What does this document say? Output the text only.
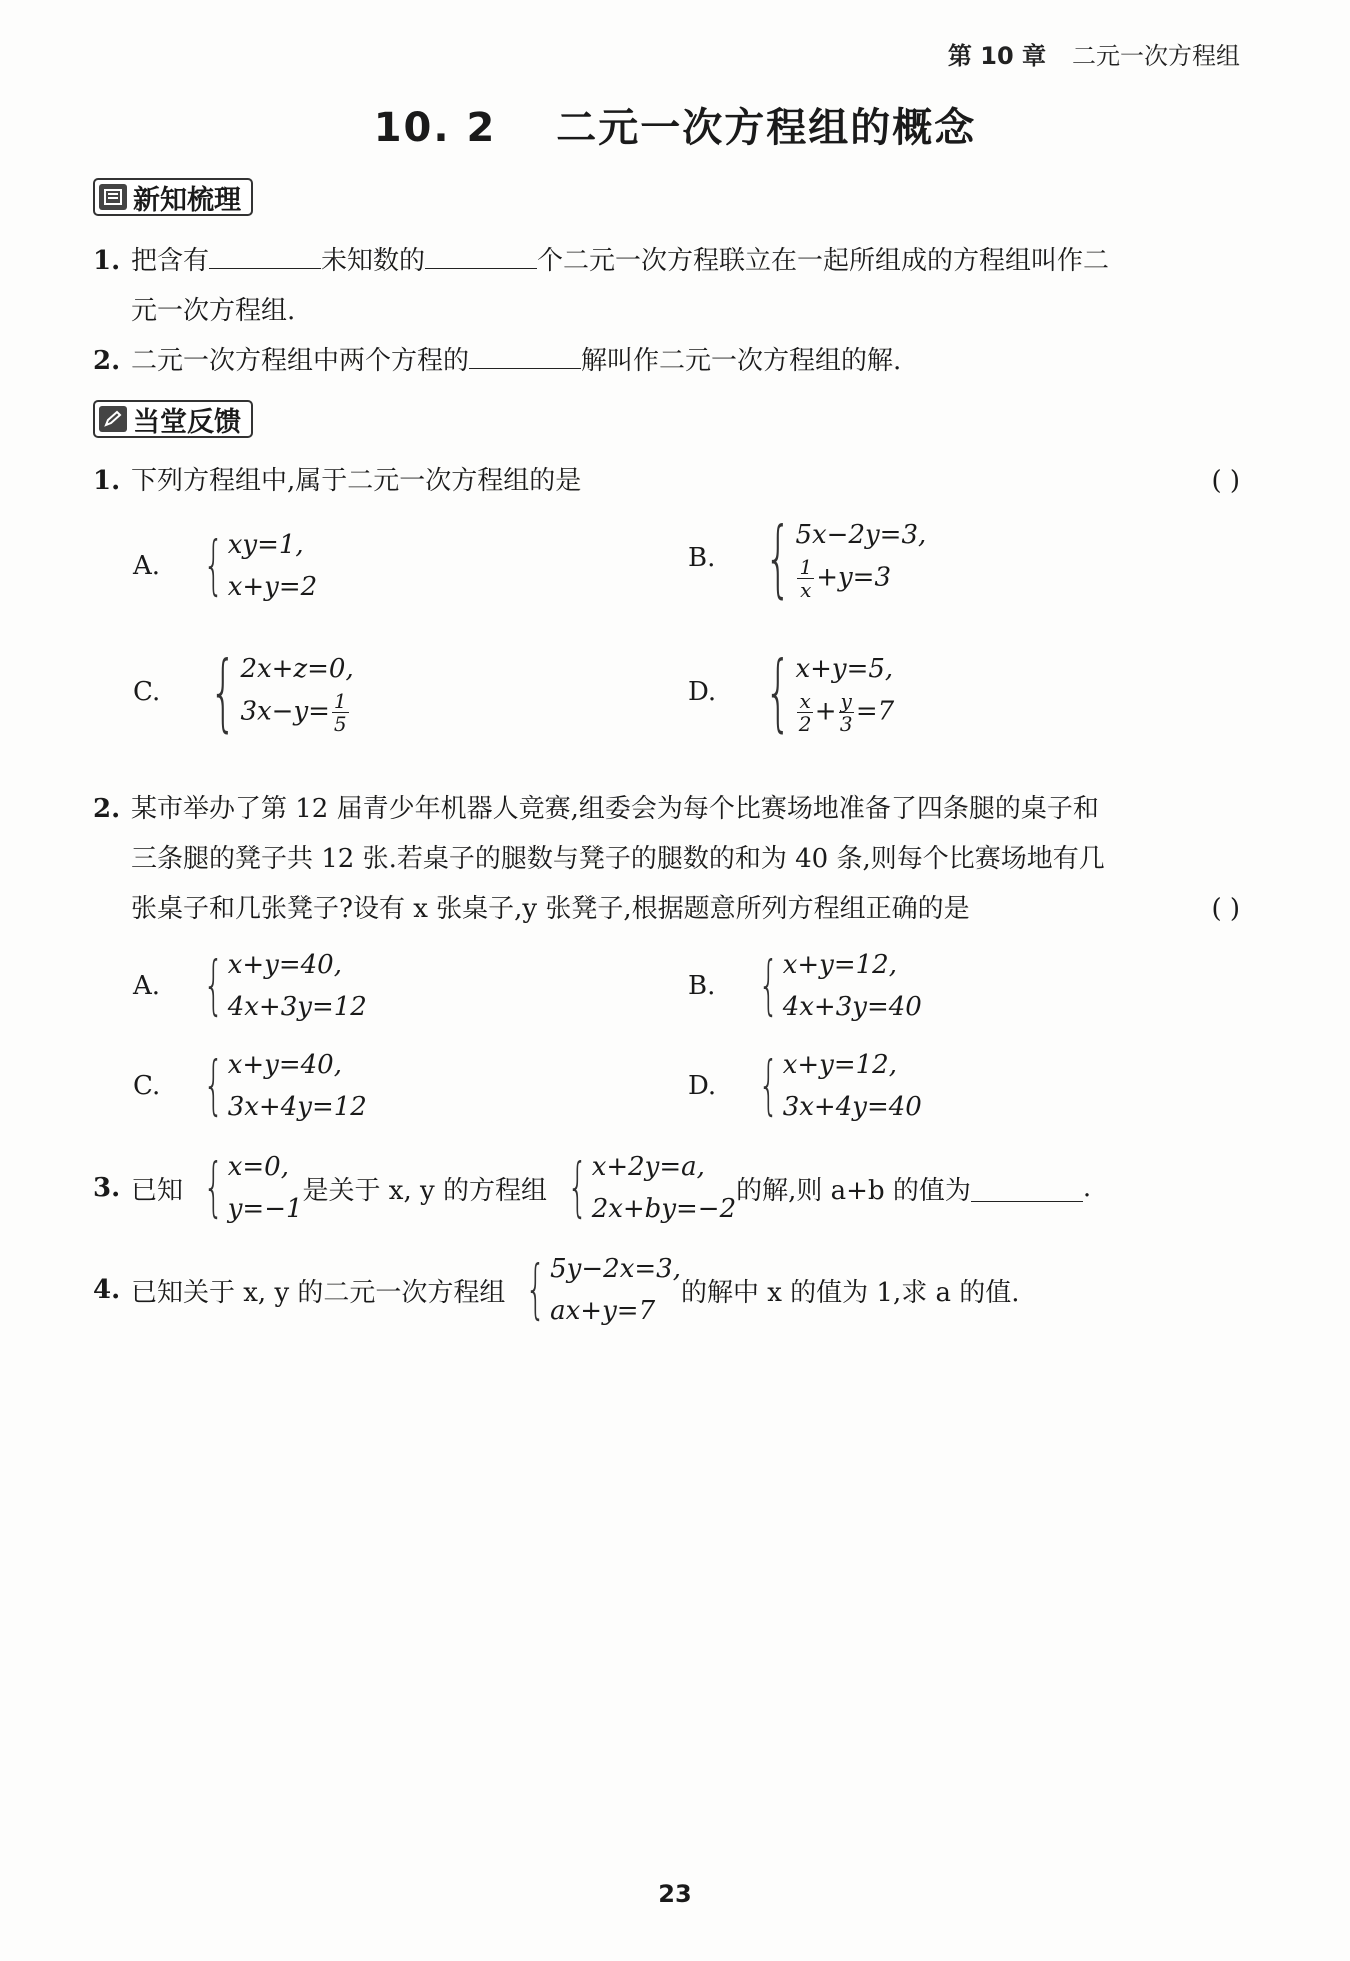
第 10 章 二元一次方程组
10. 2 二元一次方程组的概念
新知梳理
1. 把含有	未知数的	个二元一次方程联立在一起所组成的方程组叫作二
元一次方程组.
2. 二元一次方程组中两个方程的	解叫作二元一次方程组的解.
当堂反馈
1. 下列方程组中,属于二元一次方程组的是	( )
A. { xy=1,
x+y=2
B. { 5x−2y=3,
$\frac{1}{x} +y=3$
C. { 2x+z=0,
$3x-y= \frac{1}{5}$	D. { x+y=5,
$\frac{x}{2} + \frac{y}{3} =7$
2. 某市举办了第 12 届青少年机器人竞赛,组委会为每个比赛场地准备了四条腿的桌子和
三条腿的凳子共 12 张.若桌子的腿数与凳子的腿数的和为 40 条,则每个比赛场地有几
张桌子和几张凳子?设有 x 张桌子,y 张凳子,根据题意所列方程组正确的是	( )
A. { x+y=40,
4x+3y=12
B. { x+y=12,
4x+3y=40
C. { x+y=40,
3x+4y=12
D. { x+y=12,
3x+4y=40
3. 已知 { x=0,
y=−1
是关于 x, y 的方程组 { x+2y=a,
2x+by=−2
的解,则 a+b 的值为	.
4. 已知关于 x, y 的二元一次方程组 { 5y−2x=3,
ax+y=7
的解中 x 的值为 1,求 a 的值.
23
